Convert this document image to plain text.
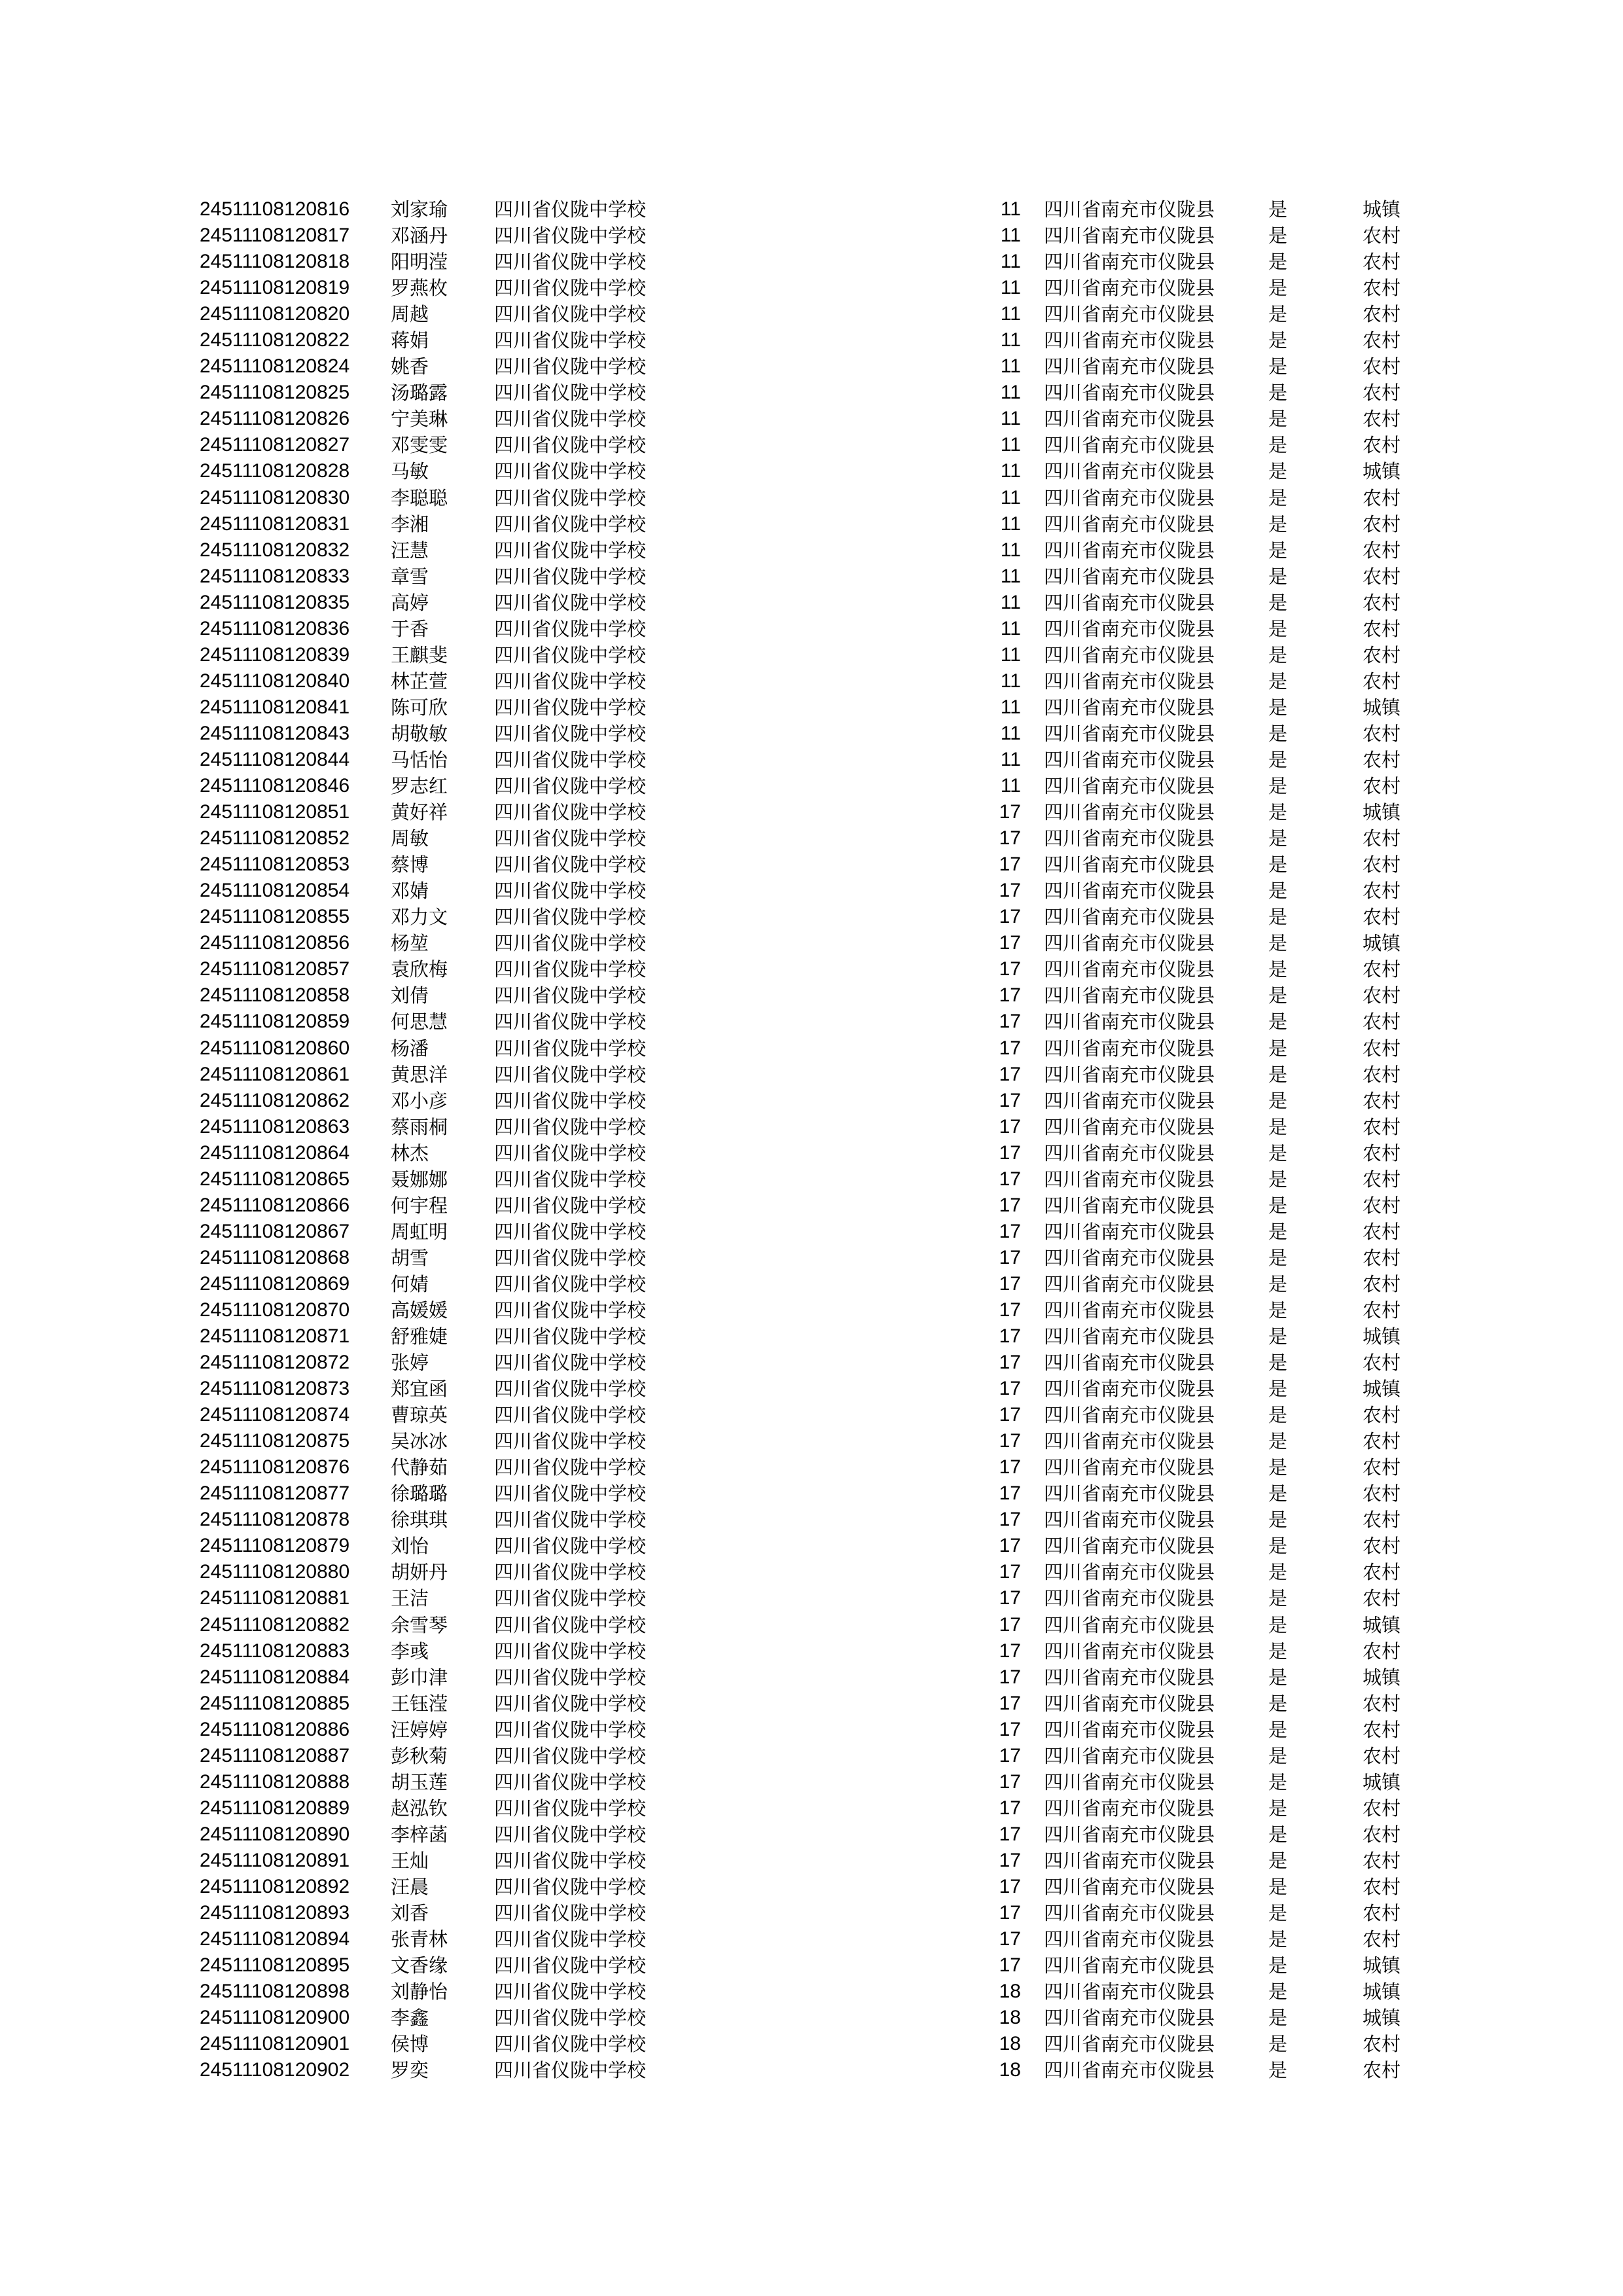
24511108120816 刘家瑜 四川省仪陇中学校	11 四川省南充市仪陇县	是	城镇
24511108120817 邓涵丹 四川省仪陇中学校	11 四川省南充市仪陇县	是	农村
24511108120818 阳明滢 四川省仪陇中学校	11 四川省南充市仪陇县	是	农村
24511108120819 罗燕枚 四川省仪陇中学校	11 四川省南充市仪陇县	是	农村
24511108120820 周越	四川省仪陇中学校	11 四川省南充市仪陇县	是	农村
24511108120822 蒋娟	四川省仪陇中学校	11 四川省南充市仪陇县	是	农村
24511108120824 姚香	四川省仪陇中学校	11 四川省南充市仪陇县	是	农村
24511108120825 汤璐露 四川省仪陇中学校	11 四川省南充市仪陇县	是	农村
24511108120826 宁美琳 四川省仪陇中学校	11 四川省南充市仪陇县	是	农村
24511108120827 邓雯雯 四川省仪陇中学校	11 四川省南充市仪陇县	是	农村
24511108120828 马敏	四川省仪陇中学校	11 四川省南充市仪陇县	是	城镇
24511108120830 李聪聪 四川省仪陇中学校	11 四川省南充市仪陇县	是	农村
24511108120831 李湘	四川省仪陇中学校	11 四川省南充市仪陇县	是	农村
24511108120832 汪慧	四川省仪陇中学校	11 四川省南充市仪陇县	是	农村
24511108120833 章雪	四川省仪陇中学校	11 四川省南充市仪陇县	是	农村
24511108120835 高婷	四川省仪陇中学校	11 四川省南充市仪陇县	是	农村
24511108120836 于香	四川省仪陇中学校	11 四川省南充市仪陇县	是	农村
24511108120839 王麒斐 四川省仪陇中学校	11 四川省南充市仪陇县	是	农村
24511108120840 林芷萱 四川省仪陇中学校	11 四川省南充市仪陇县	是	农村
24511108120841 陈可欣 四川省仪陇中学校	11 四川省南充市仪陇县	是	城镇
24511108120843 胡敬敏 四川省仪陇中学校	11 四川省南充市仪陇县	是	农村
24511108120844 马恬怡 四川省仪陇中学校	11 四川省南充市仪陇县	是	农村
24511108120846 罗志红 四川省仪陇中学校	11 四川省南充市仪陇县	是	农村
24511108120851 黄好祥 四川省仪陇中学校	17 四川省南充市仪陇县	是	城镇
24511108120852 周敏	四川省仪陇中学校	17 四川省南充市仪陇县	是	农村
24511108120853 蔡博	四川省仪陇中学校	17 四川省南充市仪陇县	是	农村
24511108120854 邓婧	四川省仪陇中学校	17 四川省南充市仪陇县	是	农村
24511108120855 邓力文 四川省仪陇中学校	17 四川省南充市仪陇县	是	农村
24511108120856 杨堃	四川省仪陇中学校	17 四川省南充市仪陇县	是	城镇
24511108120857 袁欣梅 四川省仪陇中学校	17 四川省南充市仪陇县	是	农村
24511108120858 刘倩	四川省仪陇中学校	17 四川省南充市仪陇县	是	农村
24511108120859 何思慧 四川省仪陇中学校	17 四川省南充市仪陇县	是	农村
24511108120860 杨潘	四川省仪陇中学校	17 四川省南充市仪陇县	是	农村
24511108120861 黄思洋 四川省仪陇中学校	17 四川省南充市仪陇县	是	农村
24511108120862 邓小彦 四川省仪陇中学校	17 四川省南充市仪陇县	是	农村
24511108120863 蔡雨桐 四川省仪陇中学校	17 四川省南充市仪陇县	是	农村
24511108120864 林杰	四川省仪陇中学校	17 四川省南充市仪陇县	是	农村
24511108120865 聂娜娜 四川省仪陇中学校	17 四川省南充市仪陇县	是	农村
24511108120866 何宇程 四川省仪陇中学校	17 四川省南充市仪陇县	是	农村
24511108120867 周虹明 四川省仪陇中学校	17 四川省南充市仪陇县	是	农村
24511108120868 胡雪	四川省仪陇中学校	17 四川省南充市仪陇县	是	农村
24511108120869 何婧	四川省仪陇中学校	17 四川省南充市仪陇县	是	农村
24511108120870 高媛媛 四川省仪陇中学校	17 四川省南充市仪陇县	是	农村
24511108120871 舒雅婕 四川省仪陇中学校	17 四川省南充市仪陇县	是	城镇
24511108120872 张婷	四川省仪陇中学校	17 四川省南充市仪陇县	是	农村
24511108120873 郑宜函 四川省仪陇中学校	17 四川省南充市仪陇县	是	城镇
24511108120874 曹琼英 四川省仪陇中学校	17 四川省南充市仪陇县	是	农村
24511108120875 吴冰冰 四川省仪陇中学校	17 四川省南充市仪陇县	是	农村
24511108120876 代静茹 四川省仪陇中学校	17 四川省南充市仪陇县	是	农村
24511108120877 徐璐璐 四川省仪陇中学校	17 四川省南充市仪陇县	是	农村
24511108120878 徐琪琪 四川省仪陇中学校	17 四川省南充市仪陇县	是	农村
24511108120879 刘怡	四川省仪陇中学校	17 四川省南充市仪陇县	是	农村
24511108120880 胡妍丹 四川省仪陇中学校	17 四川省南充市仪陇县	是	农村
24511108120881 王洁	四川省仪陇中学校	17 四川省南充市仪陇县	是	农村
24511108120882 余雪琴 四川省仪陇中学校	17 四川省南充市仪陇县	是	城镇
24511108120883 李彧	四川省仪陇中学校	17 四川省南充市仪陇县	是	农村
24511108120884 彭巾津 四川省仪陇中学校	17 四川省南充市仪陇县	是	城镇
24511108120885 王钰滢 四川省仪陇中学校	17 四川省南充市仪陇县	是	农村
24511108120886 汪婷婷 四川省仪陇中学校	17 四川省南充市仪陇县	是	农村
24511108120887 彭秋菊 四川省仪陇中学校	17 四川省南充市仪陇县	是	农村
24511108120888 胡玉莲 四川省仪陇中学校	17 四川省南充市仪陇县	是	城镇
24511108120889 赵泓钦 四川省仪陇中学校	17 四川省南充市仪陇县	是	农村
24511108120890 李梓菡 四川省仪陇中学校	17 四川省南充市仪陇县	是	农村
24511108120891 王灿	四川省仪陇中学校	17 四川省南充市仪陇县	是	农村
24511108120892 汪晨	四川省仪陇中学校	17 四川省南充市仪陇县	是	农村
24511108120893 刘香	四川省仪陇中学校	17 四川省南充市仪陇县	是	农村
24511108120894 张青林 四川省仪陇中学校	17 四川省南充市仪陇县	是	农村
24511108120895 文香缘 四川省仪陇中学校	17 四川省南充市仪陇县	是	城镇
24511108120898 刘静怡 四川省仪陇中学校	18 四川省南充市仪陇县	是	城镇
24511108120900 李鑫	四川省仪陇中学校	18 四川省南充市仪陇县	是	城镇
24511108120901 侯博	四川省仪陇中学校	18 四川省南充市仪陇县	是	农村
24511108120902 罗奕	四川省仪陇中学校	18 四川省南充市仪陇县	是	农村
